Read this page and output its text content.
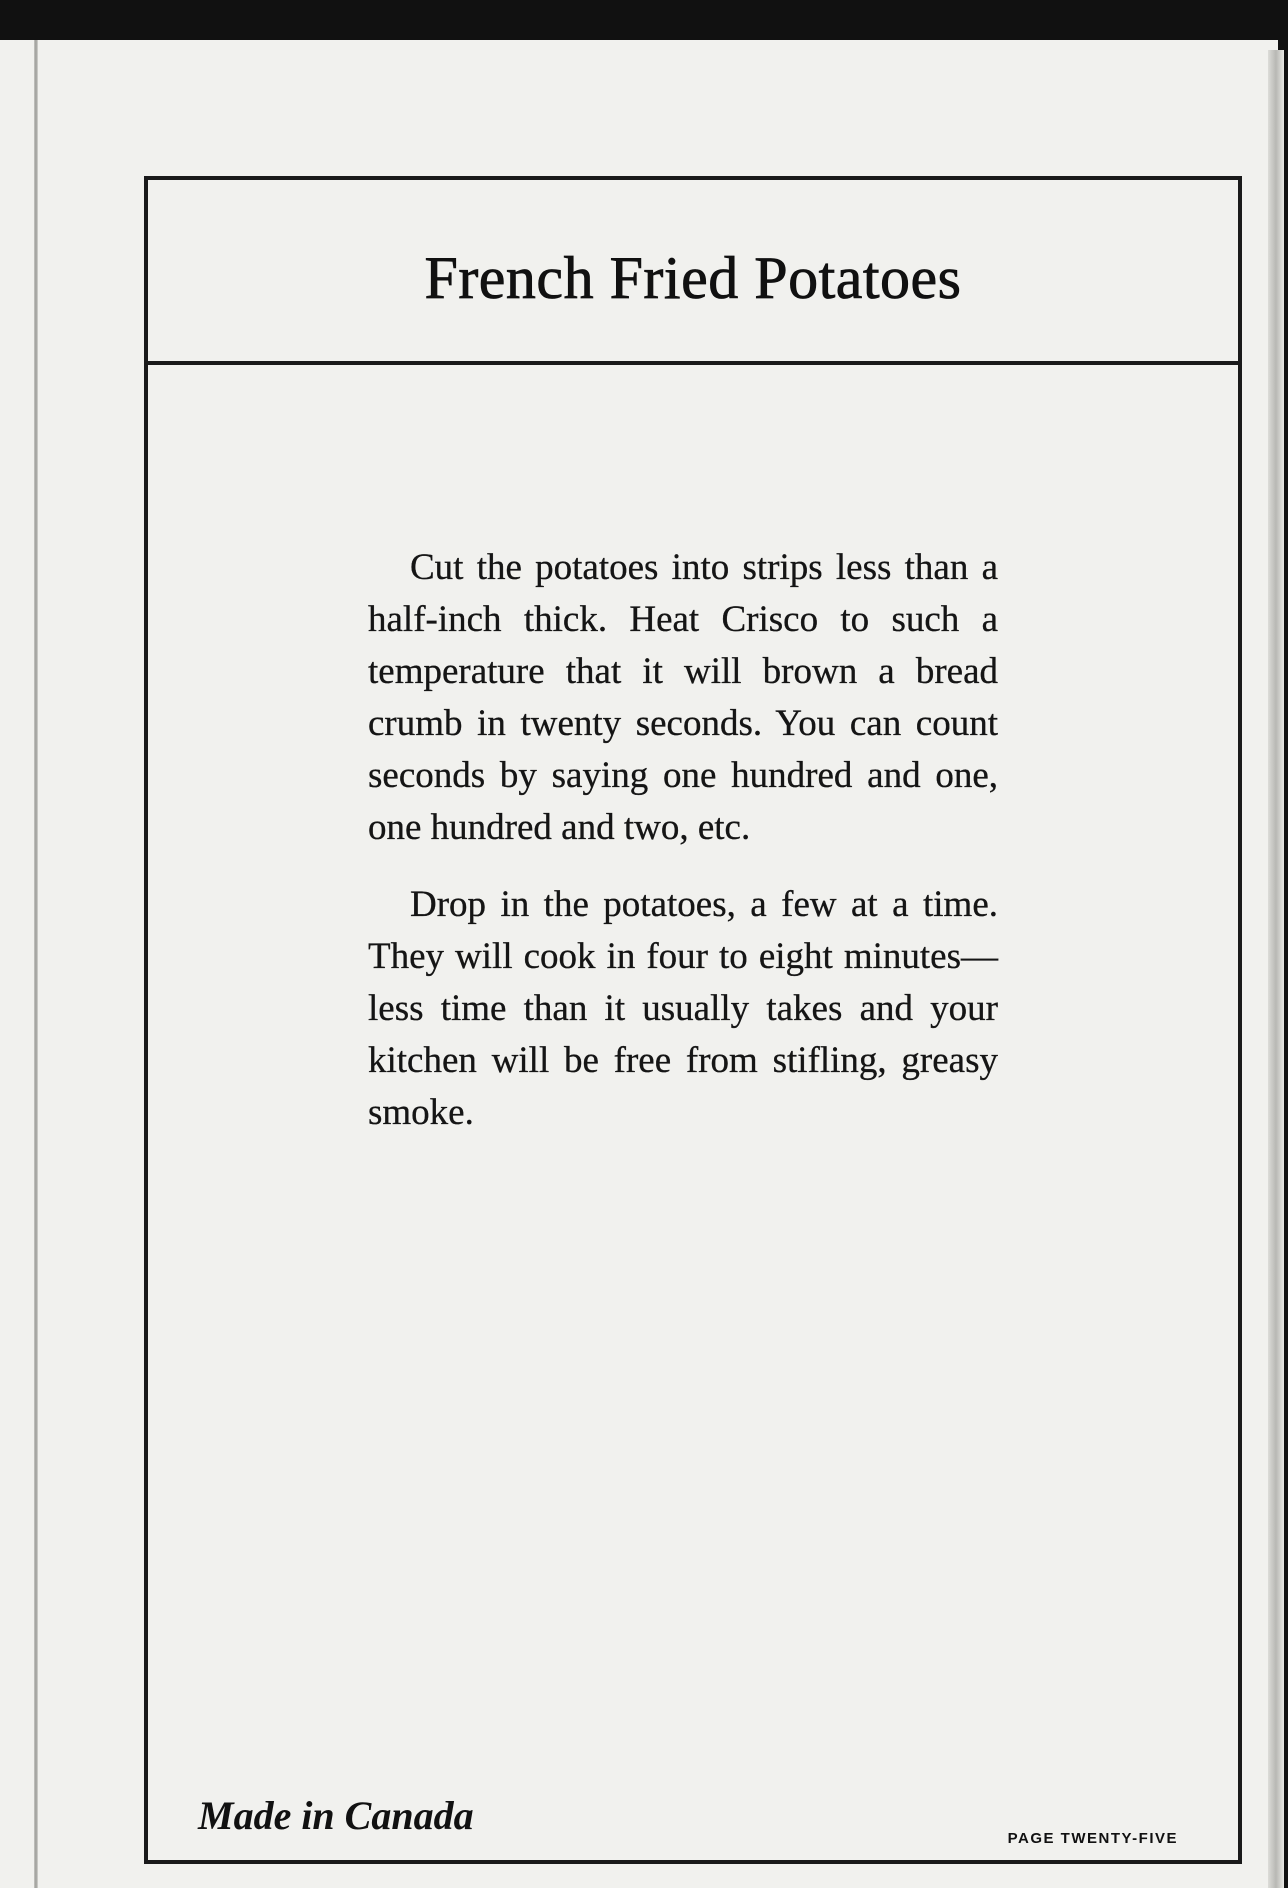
French Fried Potatoes

Cut the potatoes into strips less than a half-inch thick. Heat Crisco to such a temperature that it will brown a bread crumb in twenty seconds. You can count seconds by saying one hundred and one, one hundred and two, etc.

Drop in the potatoes, a few at a time. They will cook in four to eight minutes—less time than it usually takes and your kitchen will be free from stifling, greasy smoke.

Made in Canada
PAGE TWENTY-FIVE
